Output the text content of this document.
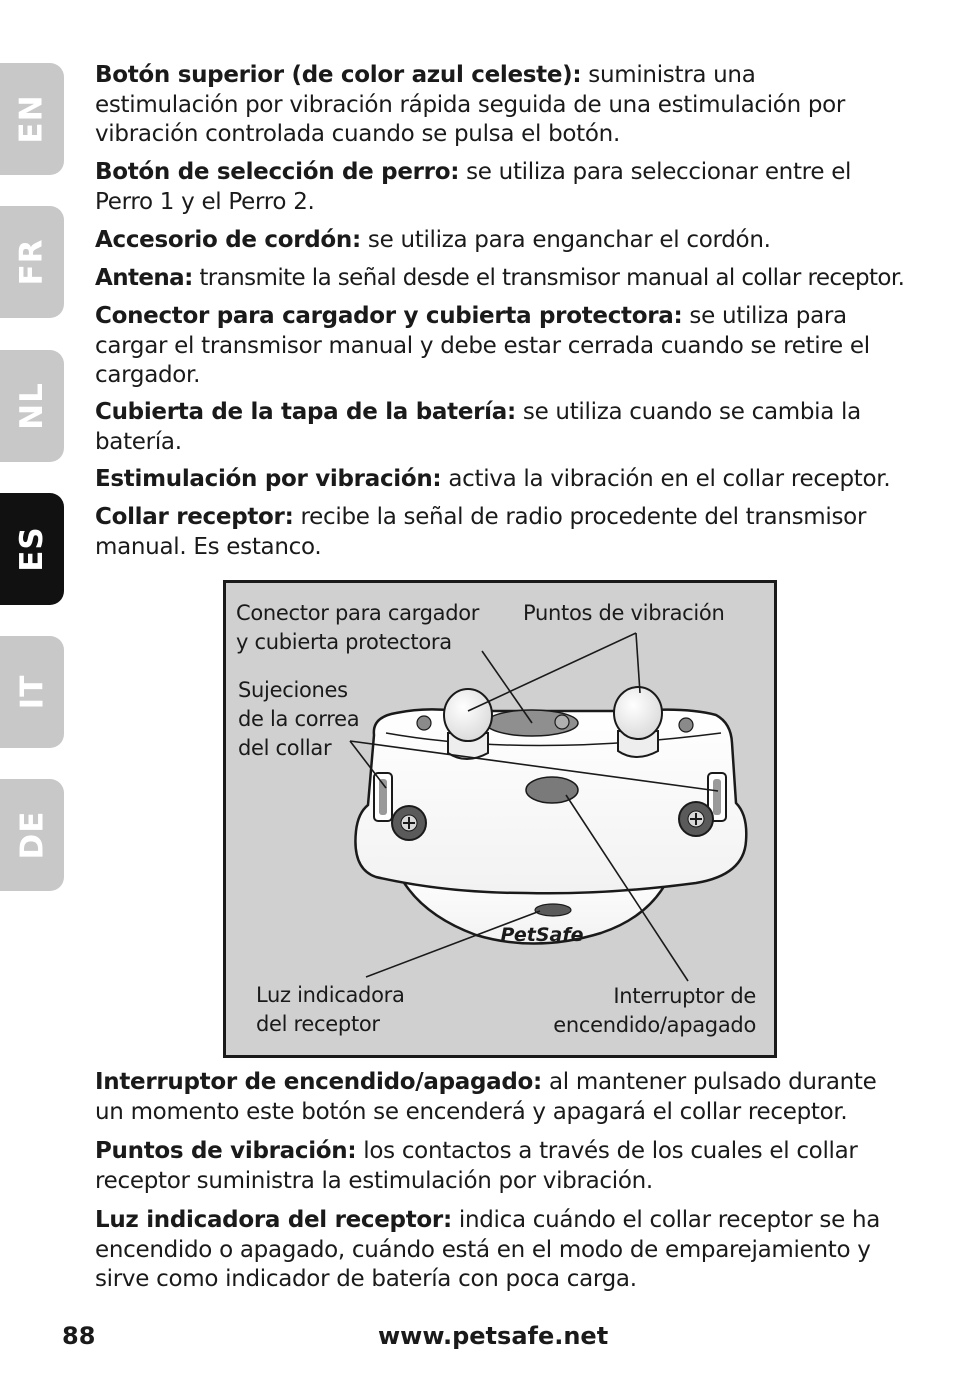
EN
FR
NL
ES
IT
DE

Botón superior (de color azul celeste): suministra una estimulación por vibración rápida seguida de una estimulación por vibración controlada cuando se pulsa el botón.

Botón de selección de perro: se utiliza para seleccionar entre el Perro 1 y el Perro 2.

Accesorio de cordón: se utiliza para enganchar el cordón.

Antena: transmite la señal desde el transmisor manual al collar receptor.

Conector para cargador y cubierta protectora: se utiliza para cargar el transmisor manual y debe estar cerrada cuando se retire el cargador.

Cubierta de la tapa de la batería: se utiliza cuando se cambia la batería.

Estimulación por vibración: activa la vibración en el collar receptor.

Collar receptor: recibe la señal de radio procedente del transmisor manual. Es estanco.

PetSafe
Conector para cargador
y cubierta protectora
Puntos de vibración
Sujeciones
de la correa
del collar
Luz indicadora
del receptor
Interruptor de
encendido/apagado

Interruptor de encendido/apagado: al mantener pulsado durante un momento este botón se encenderá y apagará el collar receptor.

Puntos de vibración: los contactos a través de los cuales el collar receptor suministra la estimulación por vibración.

Luz indicadora del receptor: indica cuándo el collar receptor se ha encendido o apagado, cuándo está en el modo de emparejamiento y sirve como indicador de batería con poca carga.

88	www.petsafe.net
